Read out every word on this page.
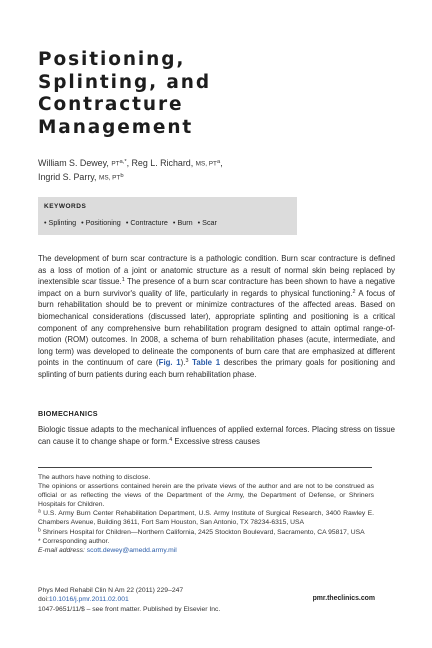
Positioning,
Splinting, and
Contracture
Management
William S. Dewey, $PT^{a,*}$, Reg L. Richard, MS, $PT^a$,
Ingrid S. Parry, MS, $PT^b$
KEYWORDS
• Splinting • Positioning • Contracture • Burn • Scar
The development of burn scar contracture is a pathologic condition. Burn scar contracture is defined as a loss of motion of a joint or anatomic structure as a result of normal skin being replaced by inextensible scar tissue.$^1$ The presence of a burn scar contracture has been shown to have a negative impact on a burn survivor's quality of life, particularly in regards to physical functioning.$^2$ A focus of burn rehabilitation should be to prevent or minimize contractures of the affected areas. Based on biomechanical considerations (discussed later), appropriate splinting and positioning is a critical component of any comprehensive burn rehabilitation program designed to attain optimal range-of-motion (ROM) outcomes. In 2008, a schema of burn rehabilitation phases (acute, intermediate, and long term) was developed to delineate the components of burn care that are emphasized at different points in the continuum of care (Fig. 1).$^3$ Table 1 describes the primary goals for positioning and splinting of burn patients during each burn rehabilitation phase.
BIOMECHANICS
Biologic tissue adapts to the mechanical influences of applied external forces. Placing stress on tissue can cause it to change shape or form.$^4$ Excessive stress causes

The authors have nothing to disclose.

The opinions or assertions contained herein are the private views of the author and are not to be construed as official or as reflecting the views of the Department of the Army, the Department of Defense, or Shriners Hospitals for Children.

$^a$ U.S. Army Burn Center Rehabilitation Department, U.S. Army Institute of Surgical Research, 3400 Rawley E. Chambers Avenue, Building 3611, Fort Sam Houston, San Antonio, TX 78234-6315, USA

$^b$ Shriners Hospital for Children—Northern California, 2425 Stockton Boulevard, Sacramento, CA 95817, USA

* Corresponding author.

E-mail address: scott.dewey@amedd.army.mil

Phys Med Rehabil Clin N Am 22 (2011) 229–247
doi:10.1016/j.pmr.2011.02.001
1047-9651/11/$ – see front matter. Published by Elsevier Inc.
pmr.theclinics.com
